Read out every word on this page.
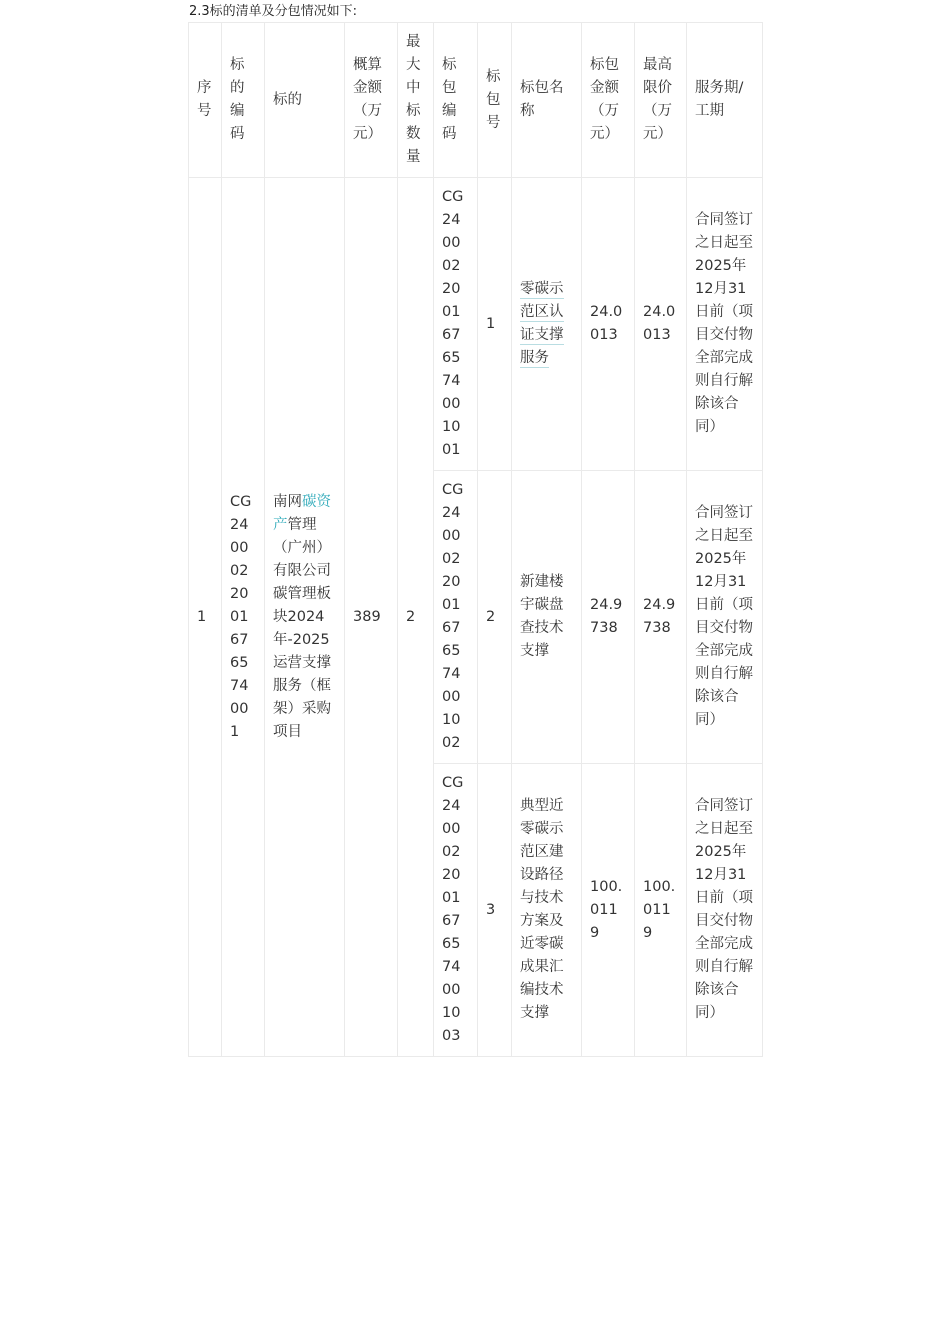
2.3标的清单及分包情况如下:
序号	标的编码	标的	概算金额（万元）	最大中标数量	标包编码	标包号	标包名称	标包金额（万元）	最高限价（万元）	服务期/工期
1	CG2400022001676574001	南网碳资产管理（广州）有限公司碳管理板块2024年-2025运营支撑服务（框架）采购项目	389	2	CG2400022001676574001001	1	零碳示范区认证支撑服务	24.0013	24.0013	合同签订之日起至2025年12月31日前（项目交付物全部完成则自行解除该合同）
					CG2400022001676574001002	2	新建楼宇碳盘查技术支撑	24.9738	24.9738	合同签订之日起至2025年12月31日前（项目交付物全部完成则自行解除该合同）
					CG2400022001676574001003	3	典型近零碳示范区建设路径与技术方案及近零碳成果汇编技术支撑	100.0119	100.0119	合同签订之日起至2025年12月31日前（项目交付物全部完成则自行解除该合同）
